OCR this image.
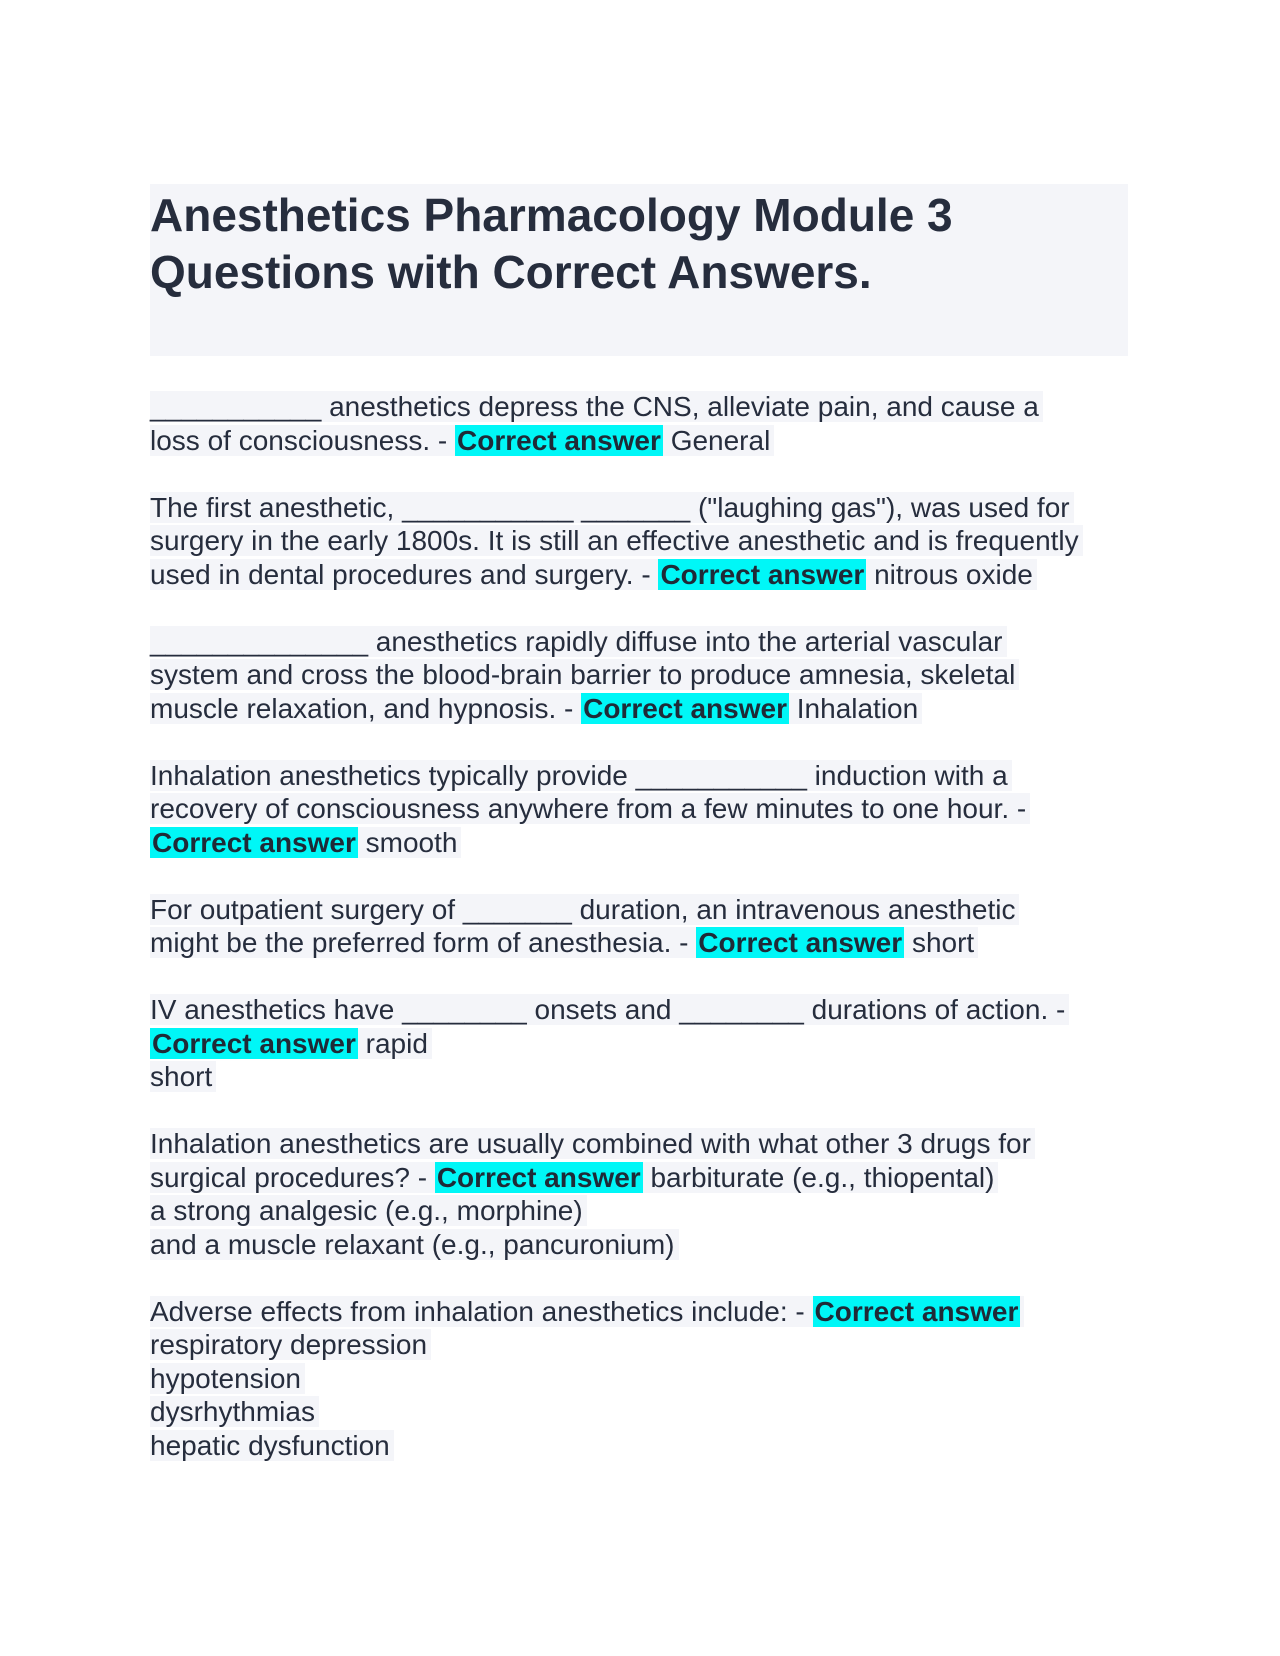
Anesthetics Pharmacology Module 3
Questions with Correct Answers.

___________ anesthetics depress the CNS, alleviate pain, and cause a
loss of consciousness. - Correct answer General

The first anesthetic, ___________ _______ ("laughing gas"), was used for
surgery in the early 1800s. It is still an effective anesthetic and is frequently
used in dental procedures and surgery. - Correct answer nitrous oxide

______________ anesthetics rapidly diffuse into the arterial vascular
system and cross the blood-brain barrier to produce amnesia, skeletal
muscle relaxation, and hypnosis. - Correct answer Inhalation

Inhalation anesthetics typically provide ___________ induction with a
recovery of consciousness anywhere from a few minutes to one hour. -
Correct answer smooth

For outpatient surgery of _______ duration, an intravenous anesthetic
might be the preferred form of anesthesia. - Correct answer short

IV anesthetics have ________ onsets and ________ durations of action. -
Correct answer rapid
short

Inhalation anesthetics are usually combined with what other 3 drugs for
surgical procedures? - Correct answer barbiturate (e.g., thiopental)
a strong analgesic (e.g., morphine)
and a muscle relaxant (e.g., pancuronium)

Adverse effects from inhalation anesthetics include: - Correct answer
respiratory depression
hypotension
dysrhythmias
hepatic dysfunction
